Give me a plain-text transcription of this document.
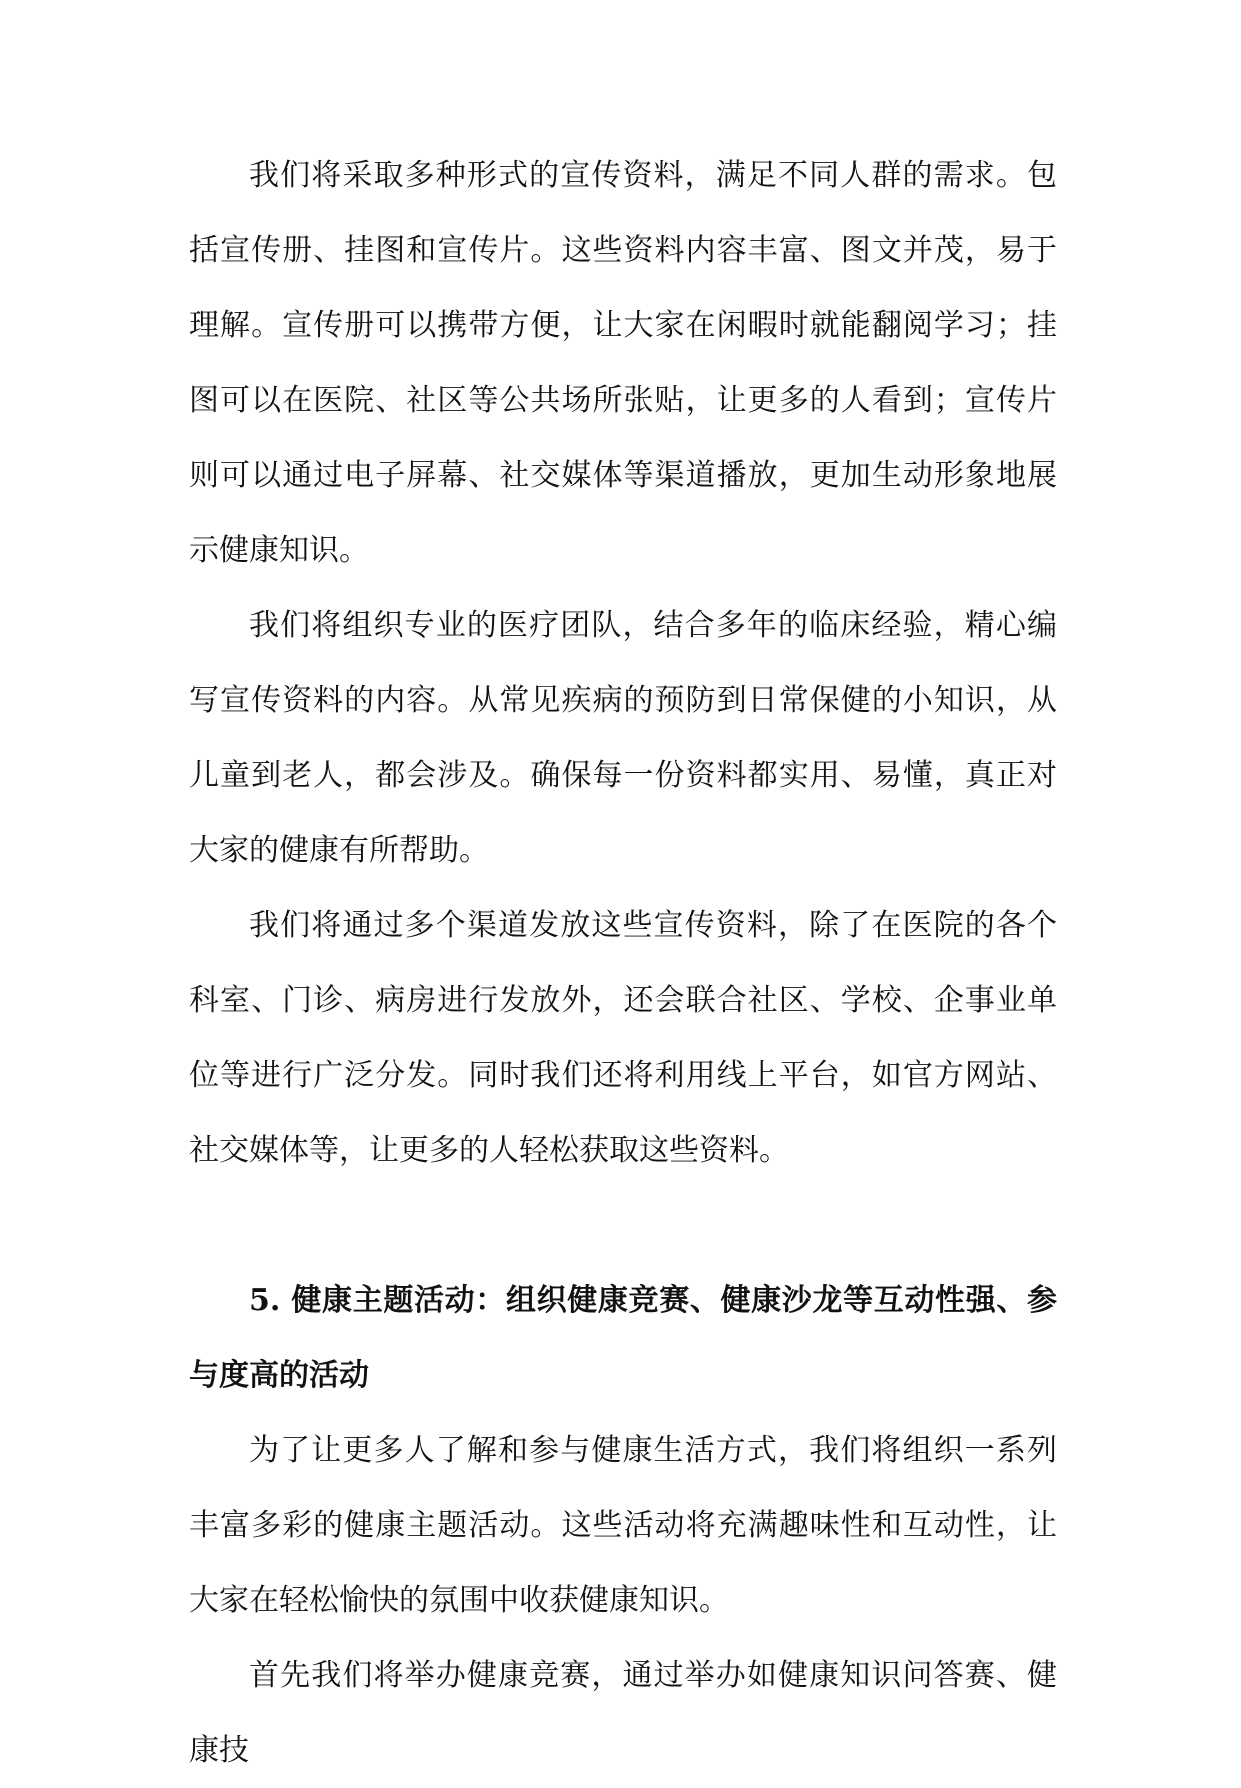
我们将采取多种形式的宣传资料，满足不同人群的需求。包括宣传册、挂图和宣传片。这些资料内容丰富、图文并茂，易于理解。宣传册可以携带方便，让大家在闲暇时就能翻阅学习；挂图可以在医院、社区等公共场所张贴，让更多的人看到；宣传片则可以通过电子屏幕、社交媒体等渠道播放，更加生动形象地展示健康知识。

我们将组织专业的医疗团队，结合多年的临床经验，精心编写宣传资料的内容。从常见疾病的预防到日常保健的小知识，从儿童到老人，都会涉及。确保每一份资料都实用、易懂，真正对大家的健康有所帮助。

我们将通过多个渠道发放这些宣传资料，除了在医院的各个科室、门诊、病房进行发放外，还会联合社区、学校、企事业单位等进行广泛分发。同时我们还将利用线上平台，如官方网站、社交媒体等，让更多的人轻松获取这些资料。

5. 健康主题活动：组织健康竞赛、健康沙龙等互动性强、参与度高的活动

为了让更多人了解和参与健康生活方式，我们将组织一系列丰富多彩的健康主题活动。这些活动将充满趣味性和互动性，让大家在轻松愉快的氛围中收获健康知识。

首先我们将举办健康竞赛，通过举办如健康知识问答赛、健康技
